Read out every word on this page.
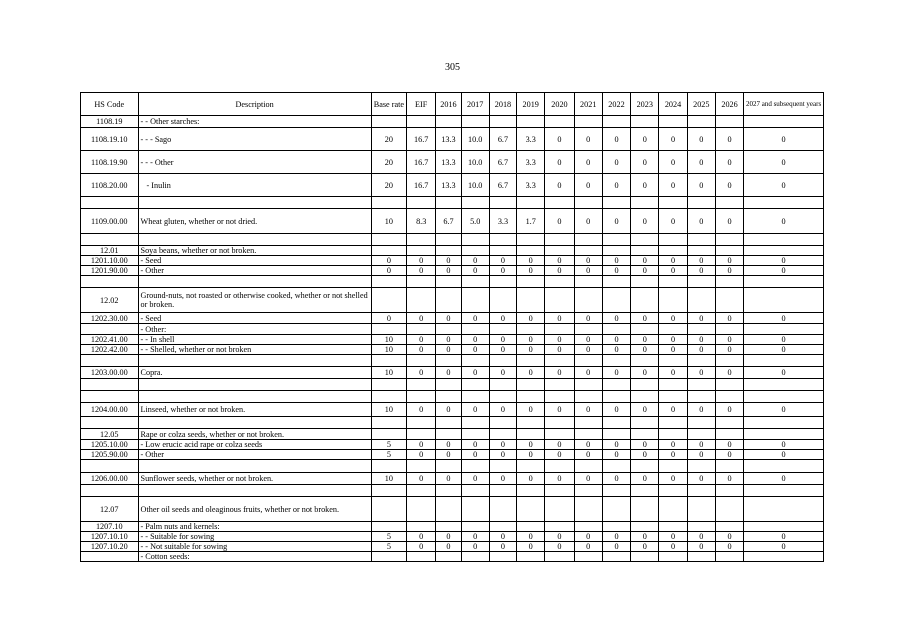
305
HS Code	Description	Base rate	EIF	2016	2017	2018	2019	2020	2021	2022	2023	2024	2025	2026	2027 and subsequent years
1108.19	- - Other starches:														
1108.19.10	- - - Sago	20	16.7	13.3	10.0	6.7	3.3	0	0	0	0	0	0	0	0
1108.19.90	- - - Other	20	16.7	13.3	10.0	6.7	3.3	0	0	0	0	0	0	0	0
1108.20.00	- Inulin	20	16.7	13.3	10.0	6.7	3.3	0	0	0	0	0	0	0	0

1109.00.00	Wheat gluten, whether or not dried.	10	8.3	6.7	5.0	3.3	1.7	0	0	0	0	0	0	0	0

12.01	Soya beans, whether or not broken.														
1201.10.00	- Seed	0	0	0	0	0	0	0	0	0	0	0	0	0	0
1201.90.00	- Other	0	0	0	0	0	0	0	0	0	0	0	0	0	0

12.02	Ground-nuts, not roasted or otherwise cooked, whether or not shelled or broken.														
1202.30.00	- Seed	0	0	0	0	0	0	0	0	0	0	0	0	0	0
	- Other:														
1202.41.00	- - In shell	10	0	0	0	0	0	0	0	0	0	0	0	0	0
1202.42.00	- - Shelled, whether or not broken	10	0	0	0	0	0	0	0	0	0	0	0	0	0

1203.00.00	Copra.	10	0	0	0	0	0	0	0	0	0	0	0	0	0

1204.00.00	Linseed, whether or not broken.	10	0	0	0	0	0	0	0	0	0	0	0	0	0

12.05	Rape or colza seeds, whether or not broken.														
1205.10.00	- Low erucic acid rape or colza seeds	5	0	0	0	0	0	0	0	0	0	0	0	0	0
1205.90.00	- Other	5	0	0	0	0	0	0	0	0	0	0	0	0	0

1206.00.00	Sunflower seeds, whether or not broken.	10	0	0	0	0	0	0	0	0	0	0	0	0	0

12.07	Other oil seeds and oleaginous fruits, whether or not broken.														
1207.10	- Palm nuts and kernels:														
1207.10.10	- - Suitable for sowing	5	0	0	0	0	0	0	0	0	0	0	0	0	0
1207.10.20	- - Not suitable for sowing	5	0	0	0	0	0	0	0	0	0	0	0	0	0
	- Cotton seeds:														
